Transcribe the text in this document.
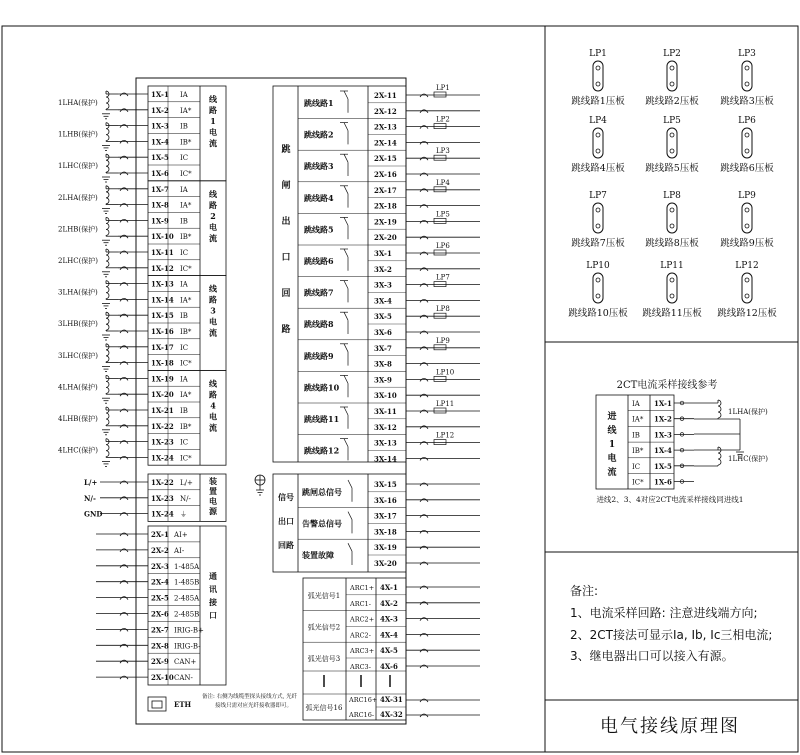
线
路
1
电
流
1X-1 IA
1X-2 IA*
1X-3 IB
1X-4 IB*
1X-5 IC
1X-6 IC*
1LHA(保护)
1LHB(保护)
1LHC(保护)
线
路
2
电
流
1X-7 IA
1X-8 IA*
1X-9 IB
1X-10 IB*
1X-11 IC
1X-12 IC*
2LHA(保护)
2LHB(保护)
2LHC(保护)
线
路
3
电
流
1X-13 IA
1X-14 IA*
1X-15 IB
1X-16 IB*
1X-17 IC
1X-18 IC*
3LHA(保护)
3LHB(保护)
3LHC(保护)
线
路
4
电
流
1X-19 IA
1X-20 IA*
1X-21 IB
1X-22 IB*
1X-23 IC
1X-24 IC*
4LHA(保护)
4LHB(保护)
4LHC(保护)
装
置
电
源
1X-22 L/+
L/+
1X-23 N/-
N/-
1X-24 ⏚
GND
通
讯
接
口
2X-1 AI+
2X-2 AI-
2X-3 1-485A
2X-4 1-485B
2X-5 2-485A
2X-6 2-485B
2X-7 IRIG-B+
2X-8 IRIG-B-
2X-9 CAN+
2X-10 CAN-
ETH
备注: 右侧为线缆型探头接线方式, 光纤
接线只需对应光纤接收器即可。
跳
闸
出
口
回
路
跳线路1
2X-11
2X-12
LP1
跳线路2
2X-13
2X-14
LP2
跳线路3
2X-15
2X-16
LP3
跳线路4
2X-17
2X-18
LP4
跳线路5
2X-19
2X-20
LP5
跳线路6
3X-1
3X-2
LP6
跳线路7
3X-3
3X-4
LP7
跳线路8
3X-5
3X-6
LP8
跳线路9
3X-7
3X-8
LP9
跳线路10
3X-9
3X-10
LP10
跳线路11
3X-11
3X-12
LP11
跳线路12
3X-13
3X-14
LP12
信号
出口
回路
跳闸总信号
3X-15
3X-16
告警总信号
3X-17
3X-18
装置故障
3X-19
3X-20
弧光信号1
ARC1+
ARC1-
4X-1
4X-2
弧光信号2
ARC2+
ARC2-
4X-3
4X-4
弧光信号3
ARC3+
ARC3-
4X-5
4X-6
弧光信号16
ARC16+
ARC16-
4X-31
4X-32
LP1
跳线路1压板
LP2
跳线路2压板
LP3
跳线路3压板
LP4
跳线路4压板
LP5
跳线路5压板
LP6
跳线路6压板
LP7
跳线路7压板
LP8
跳线路8压板
LP9
跳线路9压板
LP10
跳线路10压板
LP11
跳线路11压板
LP12
跳线路12压板
2CT电流采样接线参考
进
线
1
电
流
IA 1X-1
IA* 1X-2
IB 1X-3
IB* 1X-4
IC 1X-5
IC* 1X-6
1LHA(保护)
1LHC(保护)
进线2、3、4对应2CT电流采样接线同进线1
备注:
1、电流采样回路: 注意进线端方向;
2、2CT接法可显示Ia, Ib, Ic三相电流;
3、继电器出口可以接入有源。
电气接线原理图
